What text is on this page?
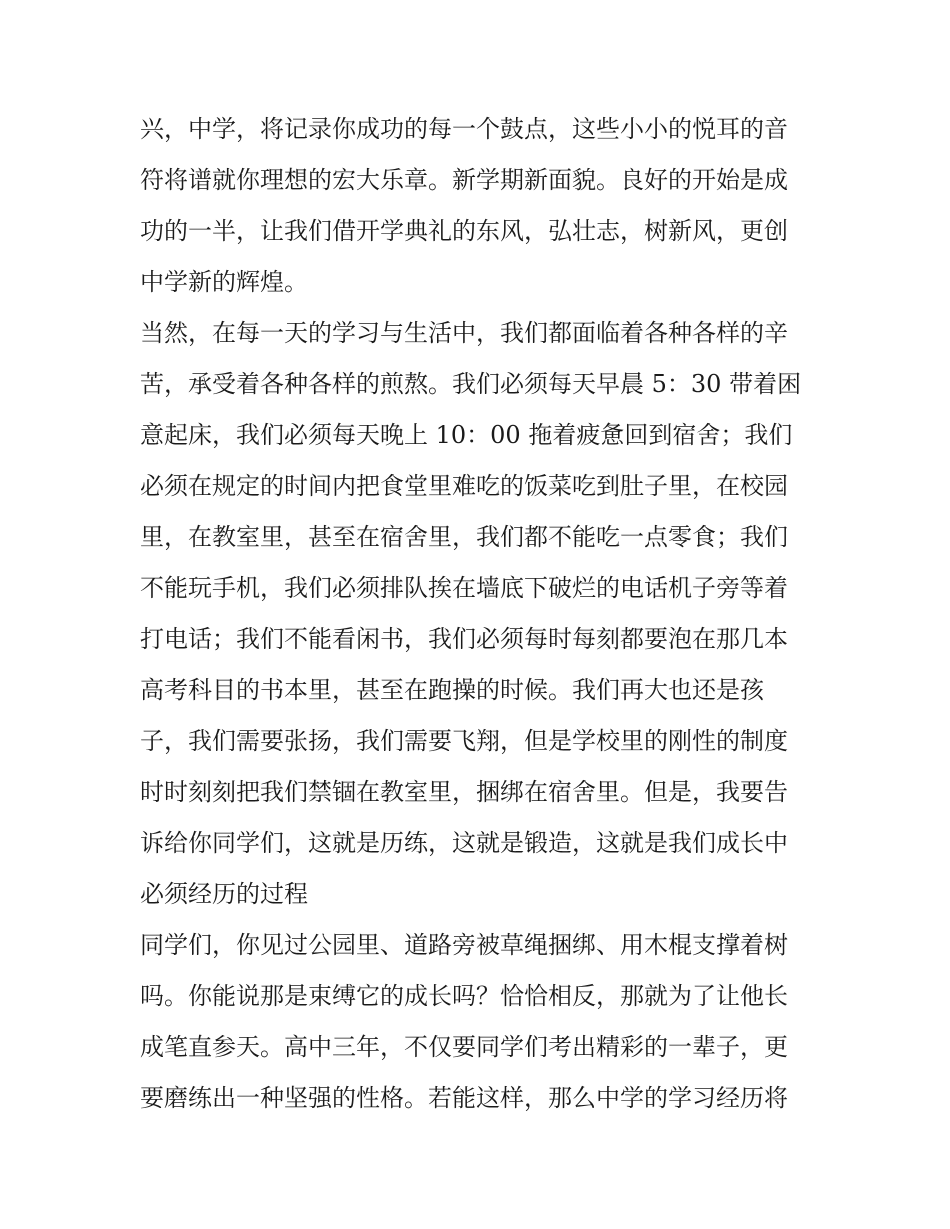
兴，中学，将记录你成功的每一个鼓点，这些小小的悦耳的音
符将谱就你理想的宏大乐章。新学期新面貌。良好的开始是成
功的一半，让我们借开学典礼的东风，弘壮志，树新风，更创
中学新的辉煌。
当然，在每一天的学习与生活中，我们都面临着各种各样的辛
苦，承受着各种各样的煎熬。我们必须每天早晨 5：30 带着困
意起床，我们必须每天晚上 10：00 拖着疲惫回到宿舍；我们
必须在规定的时间内把食堂里难吃的饭菜吃到肚子里，在校园
里，在教室里，甚至在宿舍里，我们都不能吃一点零食；我们
不能玩手机，我们必须排队挨在墙底下破烂的电话机子旁等着
打电话；我们不能看闲书，我们必须每时每刻都要泡在那几本
高考科目的书本里，甚至在跑操的时候。我们再大也还是孩
子，我们需要张扬，我们需要飞翔，但是学校里的刚性的制度
时时刻刻把我们禁锢在教室里，捆绑在宿舍里。但是，我要告
诉给你同学们，这就是历练，这就是锻造，这就是我们成长中
必须经历的过程
同学们，你见过公园里、道路旁被草绳捆绑、用木棍支撑着树
吗。你能说那是束缚它的成长吗？恰恰相反，那就为了让他长
成笔直参天。高中三年，不仅要同学们考出精彩的一辈子，更
要磨练出一种坚强的性格。若能这样，那么中学的学习经历将
